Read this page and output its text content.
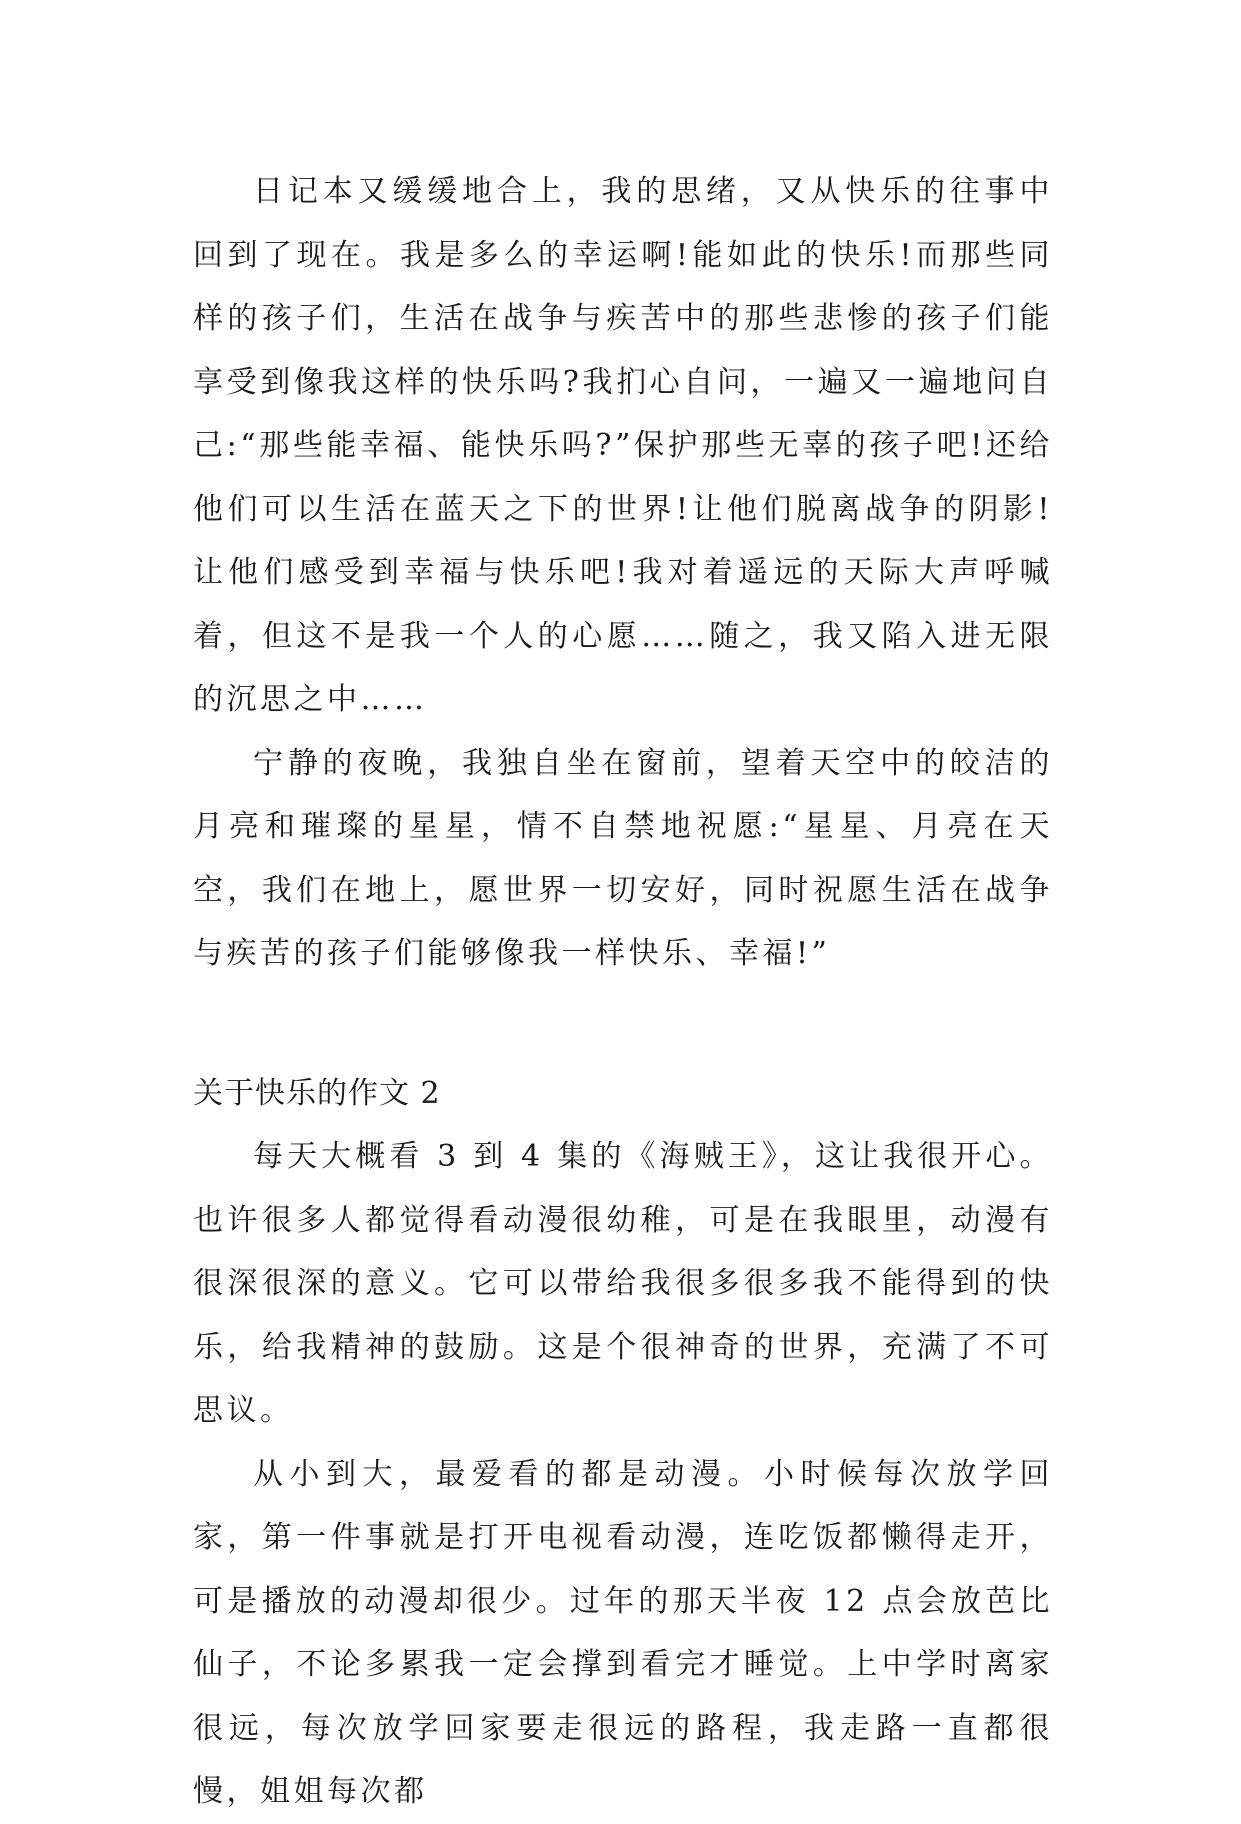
日记本又缓缓地合上，我的思绪，又从快乐的往事中回到了现在。我是多么的幸运啊!能如此的快乐!而那些同样的孩子们，生活在战争与疾苦中的那些悲惨的孩子们能享受到像我这样的快乐吗?我扪心自问，一遍又一遍地问自己:“那些能幸福、能快乐吗?”保护那些无辜的孩子吧!还给他们可以生活在蓝天之下的世界!让他们脱离战争的阴影!让他们感受到幸福与快乐吧!我对着遥远的天际大声呼喊着，但这不是我一个人的心愿……随之，我又陷入进无限的沉思之中……

宁静的夜晚，我独自坐在窗前，望着天空中的皎洁的月亮和璀璨的星星，情不自禁地祝愿:“星星、月亮在天空，我们在地上，愿世界一切安好，同时祝愿生活在战争与疾苦的孩子们能够像我一样快乐、幸福!”

关于快乐的作文 2

每天大概看 3 到 4 集的《海贼王》，这让我很开心。也许很多人都觉得看动漫很幼稚，可是在我眼里，动漫有很深很深的意义。它可以带给我很多很多我不能得到的快乐，给我精神的鼓励。这是个很神奇的世界，充满了不可思议。

从小到大，最爱看的都是动漫。小时候每次放学回家，第一件事就是打开电视看动漫，连吃饭都懒得走开，可是播放的动漫却很少。过年的那天半夜 12 点会放芭比仙子，不论多累我一定会撑到看完才睡觉。上中学时离家很远，每次放学回家要走很远的路程，我走路一直都很慢，姐姐每次都
